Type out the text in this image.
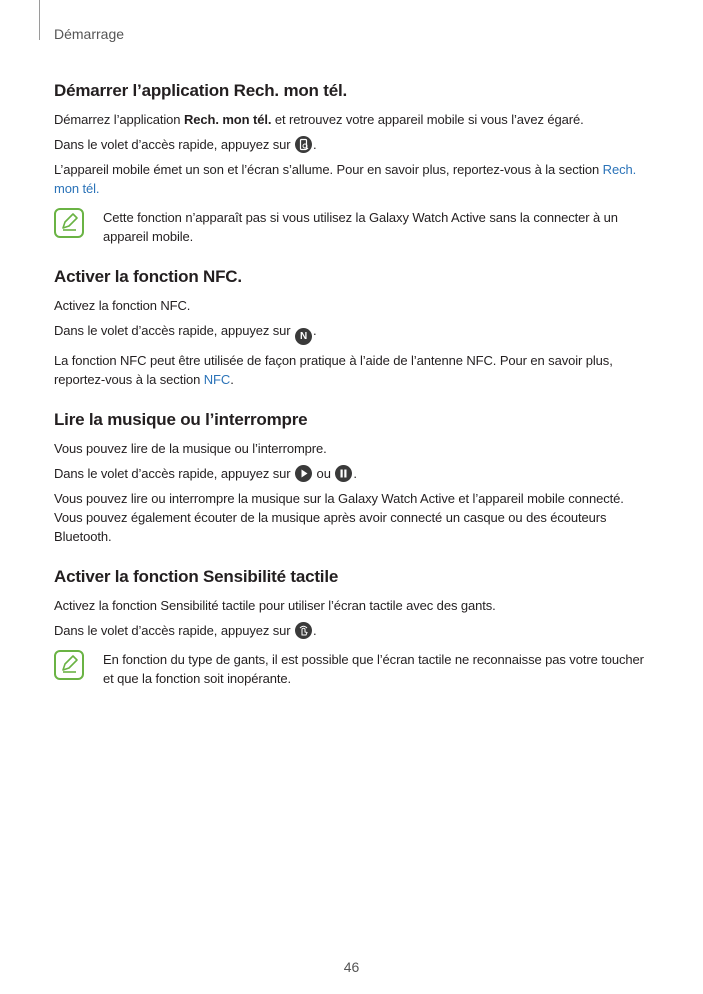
Démarrage
Démarrer l’application Rech. mon tél.

Démarrez l’application Rech. mon tél. et retrouvez votre appareil mobile si vous l’avez égaré.

Dans le volet d’accès rapide, appuyez sur
.

L’appareil mobile émet un son et l’écran s’allume. Pour en savoir plus, reportez-vous à la section Rech. mon tél.

Cette fonction n’apparaît pas si vous utilisez la Galaxy Watch Active sans la connecter à un appareil mobile.

Activer la fonction NFC.

Activez la fonction NFC.

Dans le volet d’accès rapide, appuyez sur N .

La fonction NFC peut être utilisée de façon pratique à l’aide de l’antenne NFC. Pour en savoir plus, reportez-vous à la section NFC.

Lire la musique ou l’interrompre

Vous pouvez lire de la musique ou l’interrompre.

Dans le volet d’accès rapide, appuyez sur
ou
.

Vous pouvez lire ou interrompre la musique sur la Galaxy Watch Active et l’appareil mobile connecté. Vous pouvez également écouter de la musique après avoir connecté un casque ou des écouteurs Bluetooth.

Activer la fonction Sensibilité tactile

Activez la fonction Sensibilité tactile pour utiliser l’écran tactile avec des gants.

Dans le volet d’accès rapide, appuyez sur
.

En fonction du type de gants, il est possible que l’écran tactile ne reconnaisse pas votre toucher et que la fonction soit inopérante.

46
